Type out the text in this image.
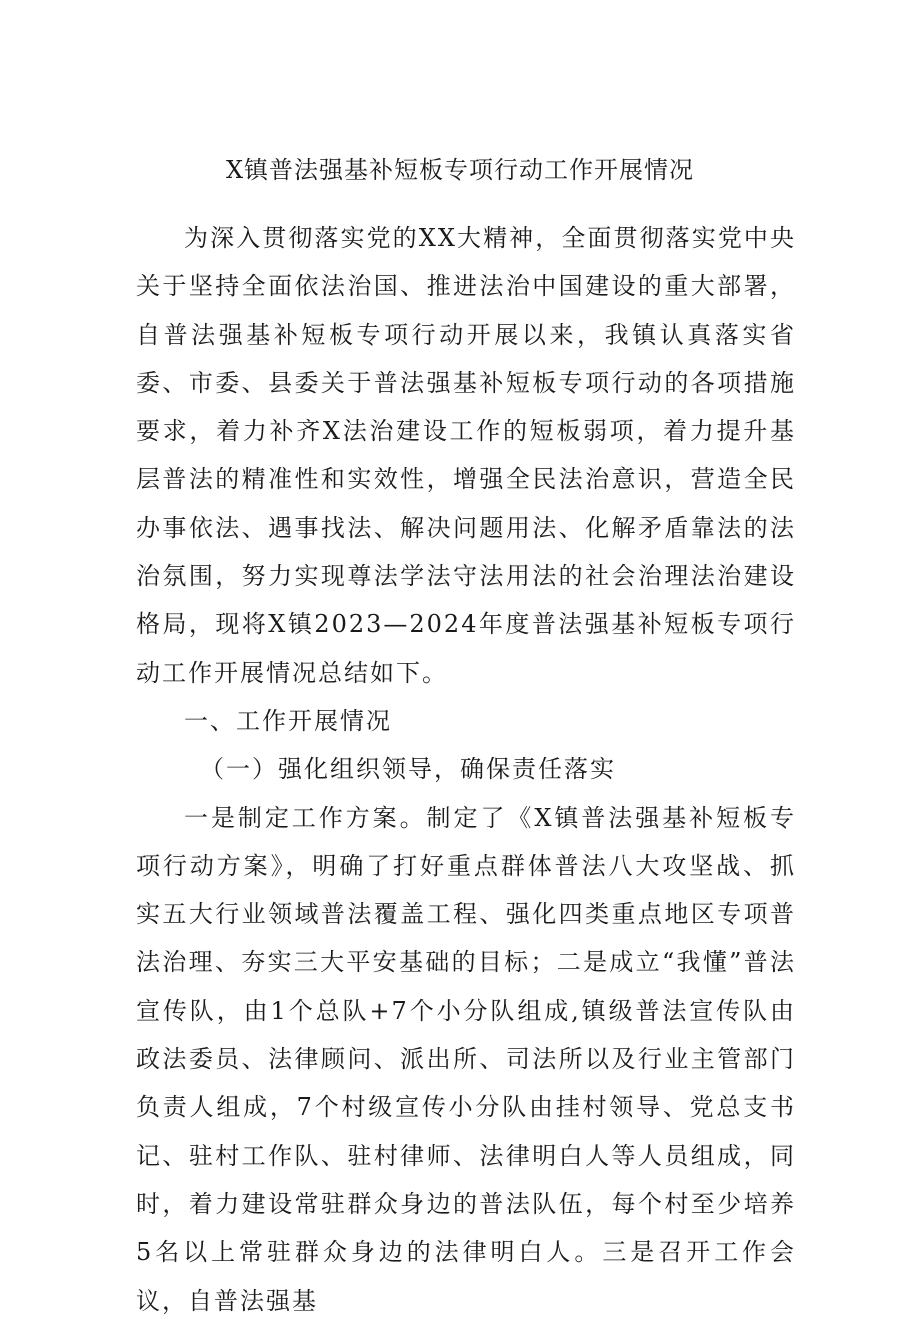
X镇普法强基补短板专项行动工作开展情况

为深入贯彻落实党的XX大精神，全面贯彻落实党中央关于坚持全面依法治国、推进法治中国建设的重大部署，自普法强基补短板专项行动开展以来，我镇认真落实省委、市委、县委关于普法强基补短板专项行动的各项措施要求，着力补齐X法治建设工作的短板弱项，着力提升基层普法的精准性和实效性，增强全民法治意识，营造全民办事依法、遇事找法、解决问题用法、化解矛盾靠法的法治氛围，努力实现尊法学法守法用法的社会治理法治建设格局，现将X镇2023—2024年度普法强基补短板专项行动工作开展情况总结如下。

一、工作开展情况

（一）强化组织领导，确保责任落实

一是制定工作方案。制定了《X镇普法强基补短板专项行动方案》，明确了打好重点群体普法八大攻坚战、抓实五大行业领域普法覆盖工程、强化四类重点地区专项普法治理、夯实三大平安基础的目标；二是成立“我懂”普法宣传队，由1个总队+7个小分队组成,镇级普法宣传队由政法委员、法律顾问、派出所、司法所以及行业主管部门负责人组成，7个村级宣传小分队由挂村领导、党总支书记、驻村工作队、驻村律师、法律明白人等人员组成，同时，着力建设常驻群众身边的普法队伍，每个村至少培养5名以上常驻群众身边的法律明白人。三是召开工作会议，自普法强基
